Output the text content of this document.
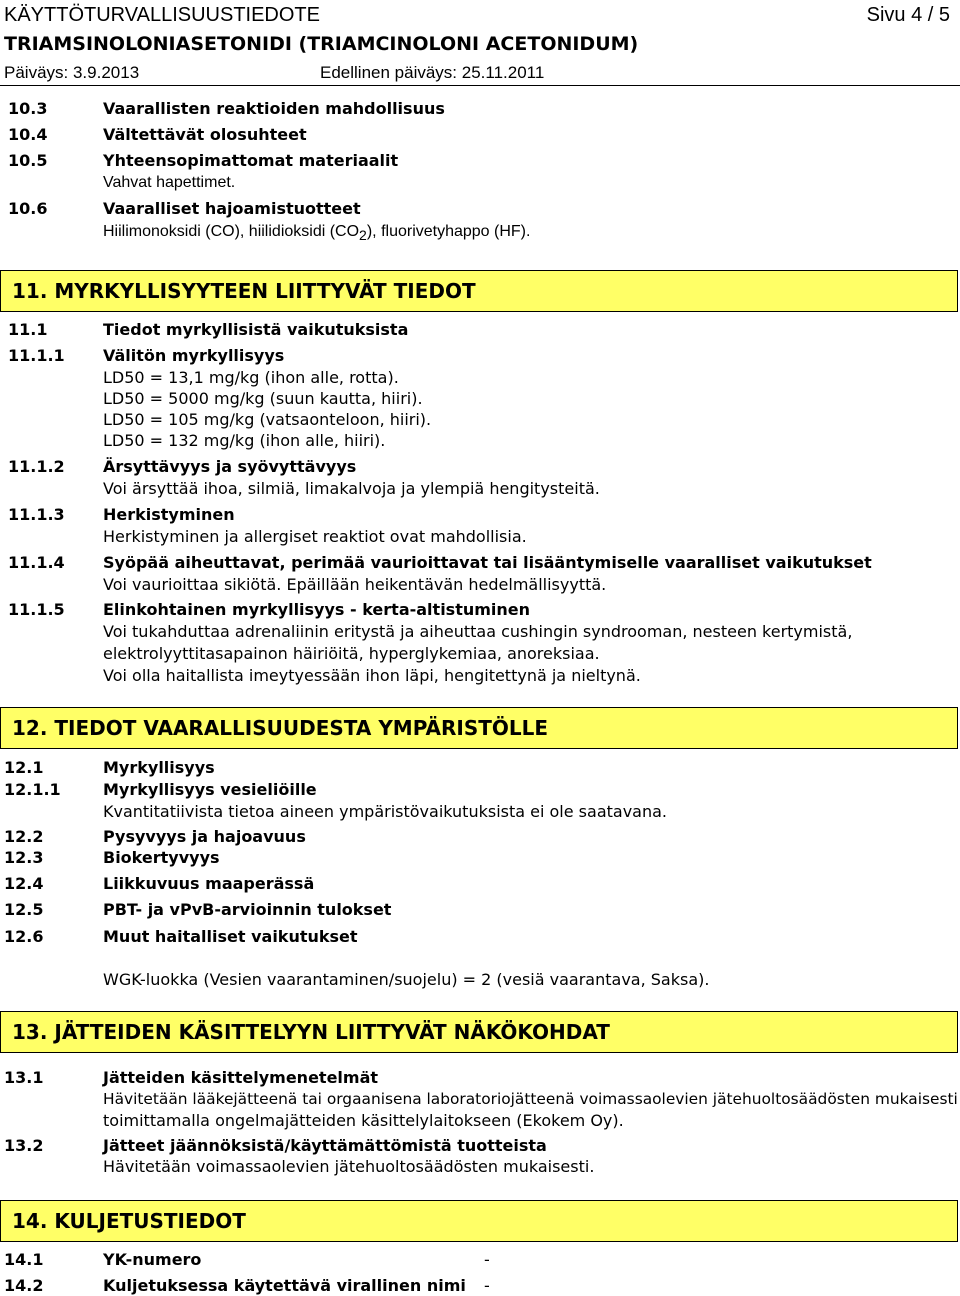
KÄYTTÖTURVALLISUUSTIEDOTE	Sivu 4 / 5
TRIAMSINOLONIASETONIDI (TRIAMCINOLONI ACETONIDUM)
Päiväys: 3.9.2013	Edellinen päiväys: 25.11.2011
10.3	Vaarallisten reaktioiden mahdollisuus
10.4	Vältettävät olosuhteet
10.5	Yhteensopimattomat materiaalit
Vahvat hapettimet.
10.6	Vaaralliset hajoamistuotteet
Hiilimonoksidi (CO), hiilidioksidi $(CO_2)$, fluorivetyhappo (HF).
11. MYRKYLLISYYTEEN LIITTYVÄT TIEDOT
11.1	Tiedot myrkyllisistä vaikutuksista
11.1.1 Välitön myrkyllisyys
LD50 = 13,1 mg/kg (ihon alle, rotta).
LD50 = 5000 mg/kg (suun kautta, hiiri).
LD50 = 105 mg/kg (vatsaonteloon, hiiri).
LD50 = 132 mg/kg (ihon alle, hiiri).
11.1.2 Ärsyttävyys ja syövyttävyys
Voi ärsyttää ihoa, silmiä, limakalvoja ja ylempiä hengitysteitä.
11.1.3 Herkistyminen
Herkistyminen ja allergiset reaktiot ovat mahdollisia.
11.1.4 Syöpää aiheuttavat, perimää vaurioittavat tai lisääntymiselle vaaralliset vaikutukset
Voi vaurioittaa sikiötä. Epäillään heikentävän hedelmällisyyttä.
11.1.5 Elinkohtainen myrkyllisyys - kerta-altistuminen
Voi tukahduttaa adrenaliinin eritystä ja aiheuttaa cushingin syndrooman, nesteen kertymistä,
elektrolyyttitasapainon häiriöitä, hyperglykemiaa, anoreksiaa.
Voi olla haitallista imeytyessään ihon läpi, hengitettynä ja nieltynä.
12. TIEDOT VAARALLISUUDESTA YMPÄRISTÖLLE
12.1	Myrkyllisyys
12.1.1	Myrkyllisyys vesieliöille
Kvantitatiivista tietoa aineen ympäristövaikutuksista ei ole saatavana.
12.2	Pysyvyys ja hajoavuus
12.3	Biokertyvyys
12.4	Liikkuvuus maaperässä
12.5	PBT- ja vPvB-arvioinnin tulokset
12.6	Muut haitalliset vaikutukset
WGK-luokka (Vesien vaarantaminen/suojelu) = 2 (vesiä vaarantava, Saksa).
13. JÄTTEIDEN KÄSITTELYYN LIITTYVÄT NÄKÖKOHDAT
13.1	Jätteiden käsittelymenetelmät
Hävitetään lääkejätteenä tai orgaanisena laboratoriojätteenä voimassaolevien jätehuoltosäädösten mukaisesti
toimittamalla ongelmajätteiden käsittelylaitokseen (Ekokem Oy).
13.2	Jätteet jäännöksistä/käyttämättömistä tuotteista
Hävitetään voimassaolevien jätehuoltosäädösten mukaisesti.
14. KULJETUSTIEDOT
14.1	YK-numero	-
14.2	Kuljetuksessa käytettävä virallinen nimi -
